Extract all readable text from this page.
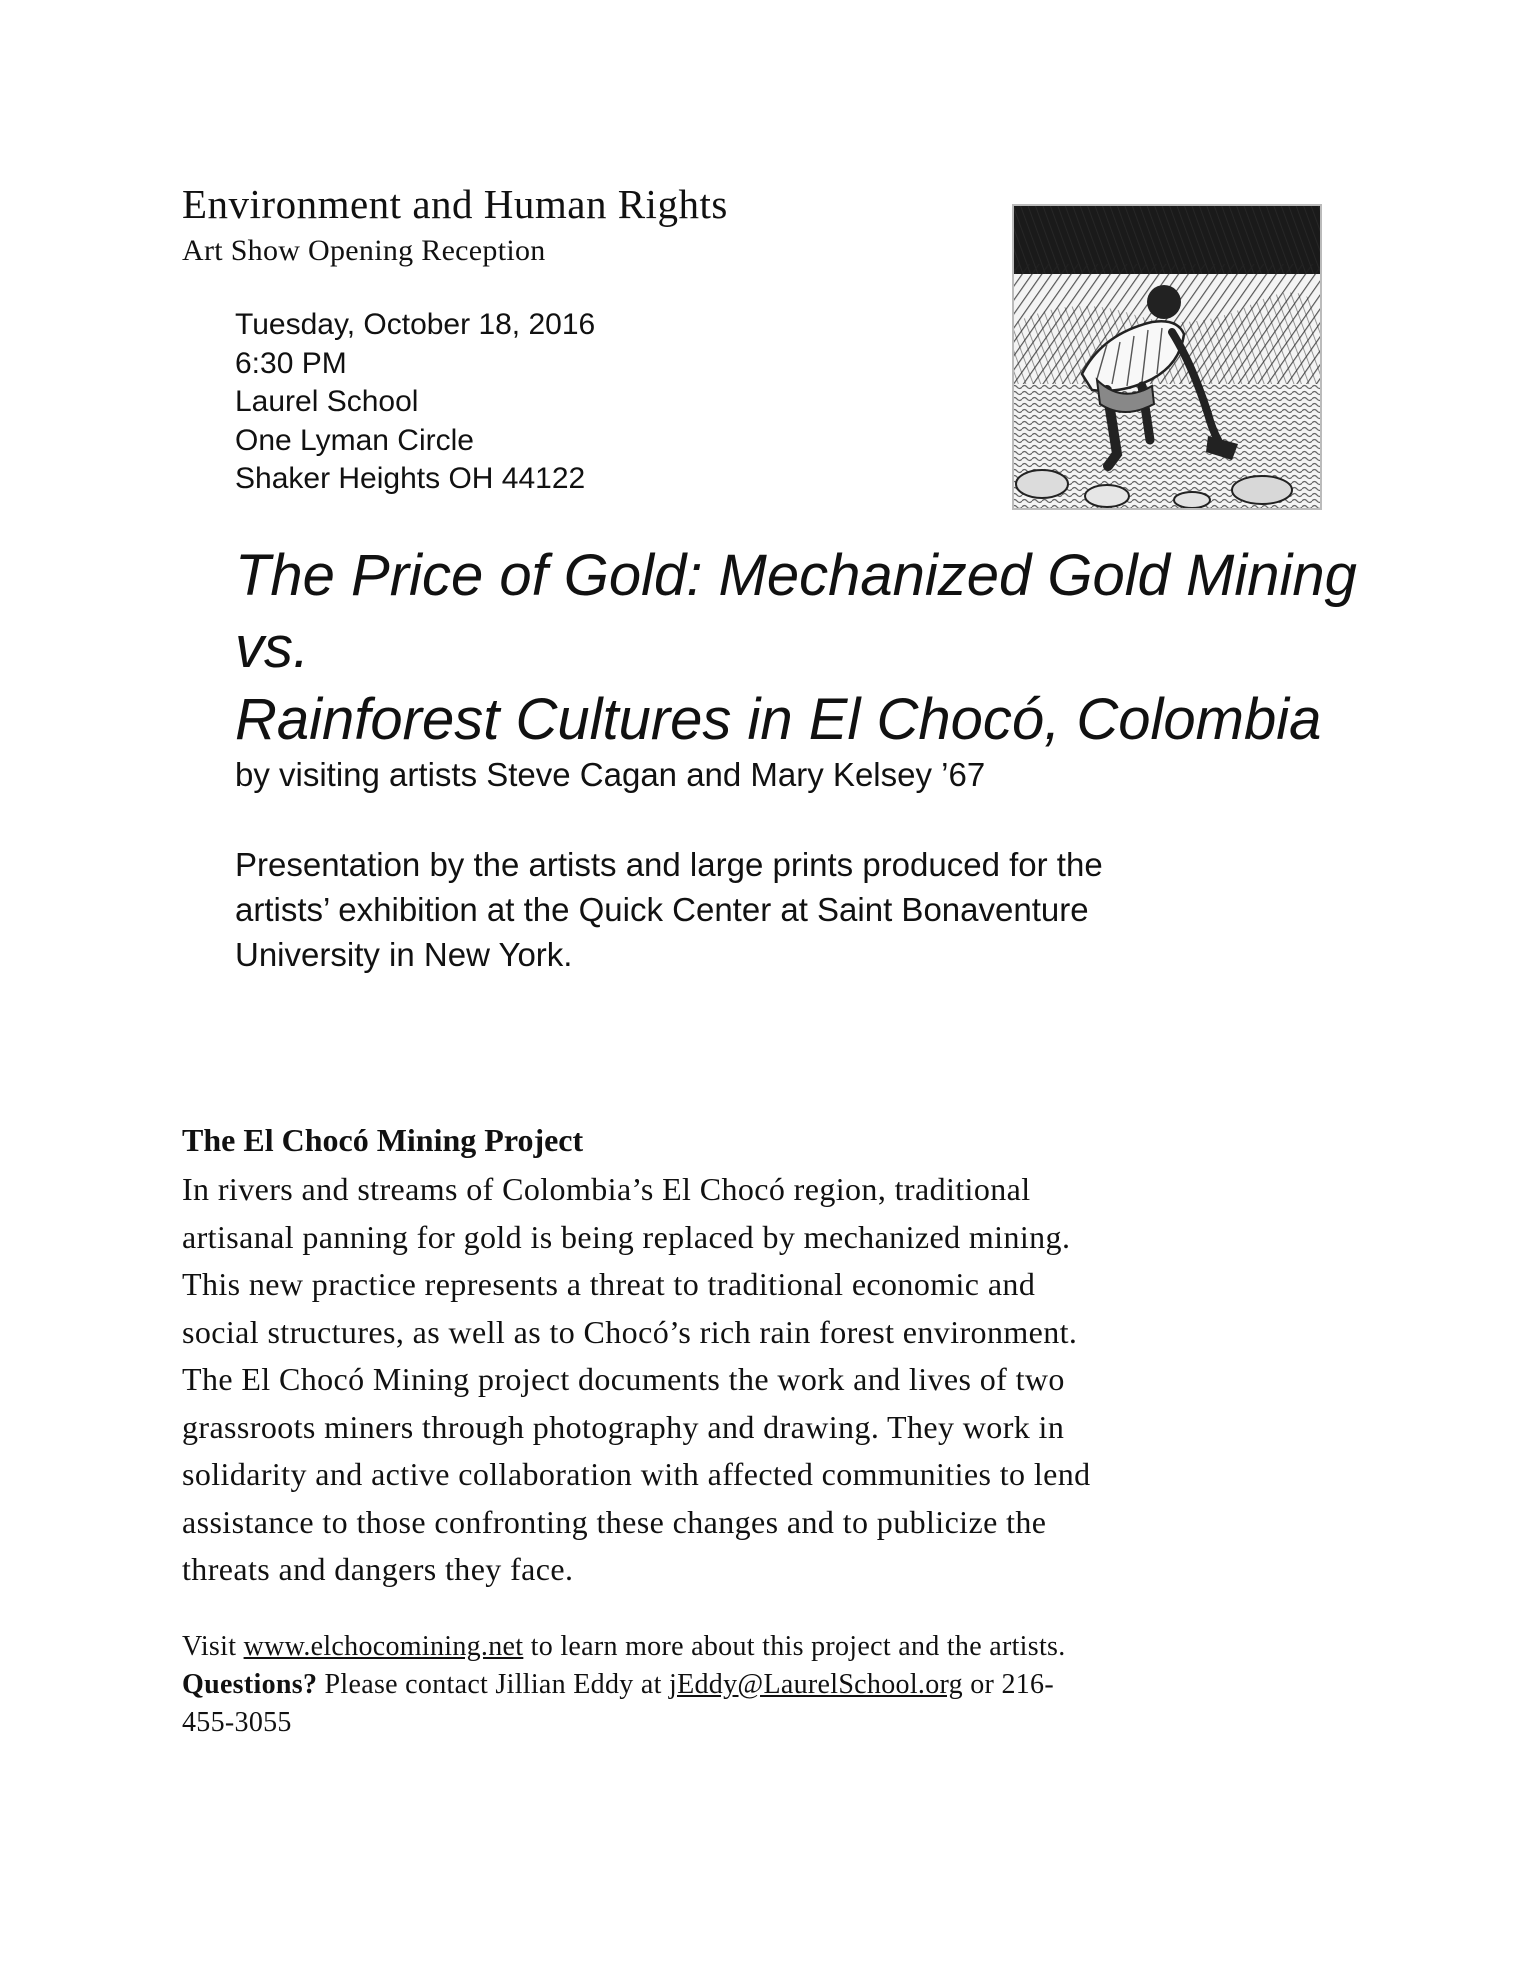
Environment and Human Rights
Art Show Opening Reception
Tuesday, October 18, 2016
6:30 PM
Laurel School
One Lyman Circle
Shaker Heights OH 44122
The Price of Gold: Mechanized Gold Mining
vs.
Rainforest Cultures in El Chocó, Colombia
by visiting artists Steve Cagan and Mary Kelsey ’67
Presentation by the artists and large prints produced for the
artists’ exhibition at the Quick Center at Saint Bonaventure
University in New York.
The El Chocó Mining Project
In rivers and streams of Colombia’s El Chocó region, traditional
artisanal panning for gold is being replaced by mechanized mining.
This new practice represents a threat to traditional economic and
social structures, as well as to Chocó’s rich rain forest environment.
The El Chocó Mining project documents the work and lives of two
grassroots miners through photography and drawing. They work in
solidarity and active collaboration with affected communities to lend
assistance to those confronting these changes and to publicize the
threats and dangers they face.
Visit www.elchocomining.net to learn more about this project and the artists.
Questions? Please contact Jillian Eddy at jEddy@LaurelSchool.org or 216-
455-3055
